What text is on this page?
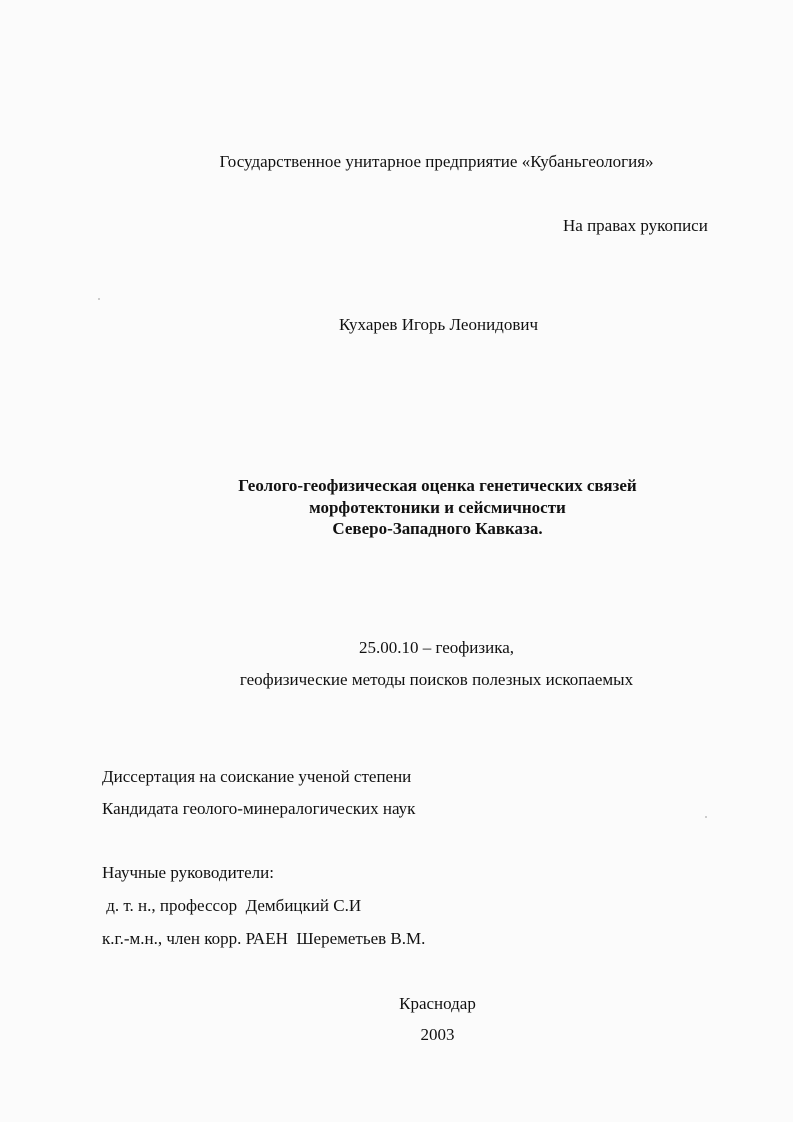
Государственное унитарное предприятие «Кубаньгеология»
На правах рукописи
Кухарев Игорь Леонидович
Геолого-геофизическая оценка генетических связей
морфотектоники и сейсмичности
Северо-Западного Кавказа.
25.00.10 – геофизика,
геофизические методы поисков полезных ископаемых
Диссертация на соискание ученой степени
Кандидата геолого-минералогических наук
Научные руководители:
д. т. н., профессор  Дембицкий С.И
к.г.-м.н., член корр. РАЕН  Шереметьев В.М.
Краснодар
2003
